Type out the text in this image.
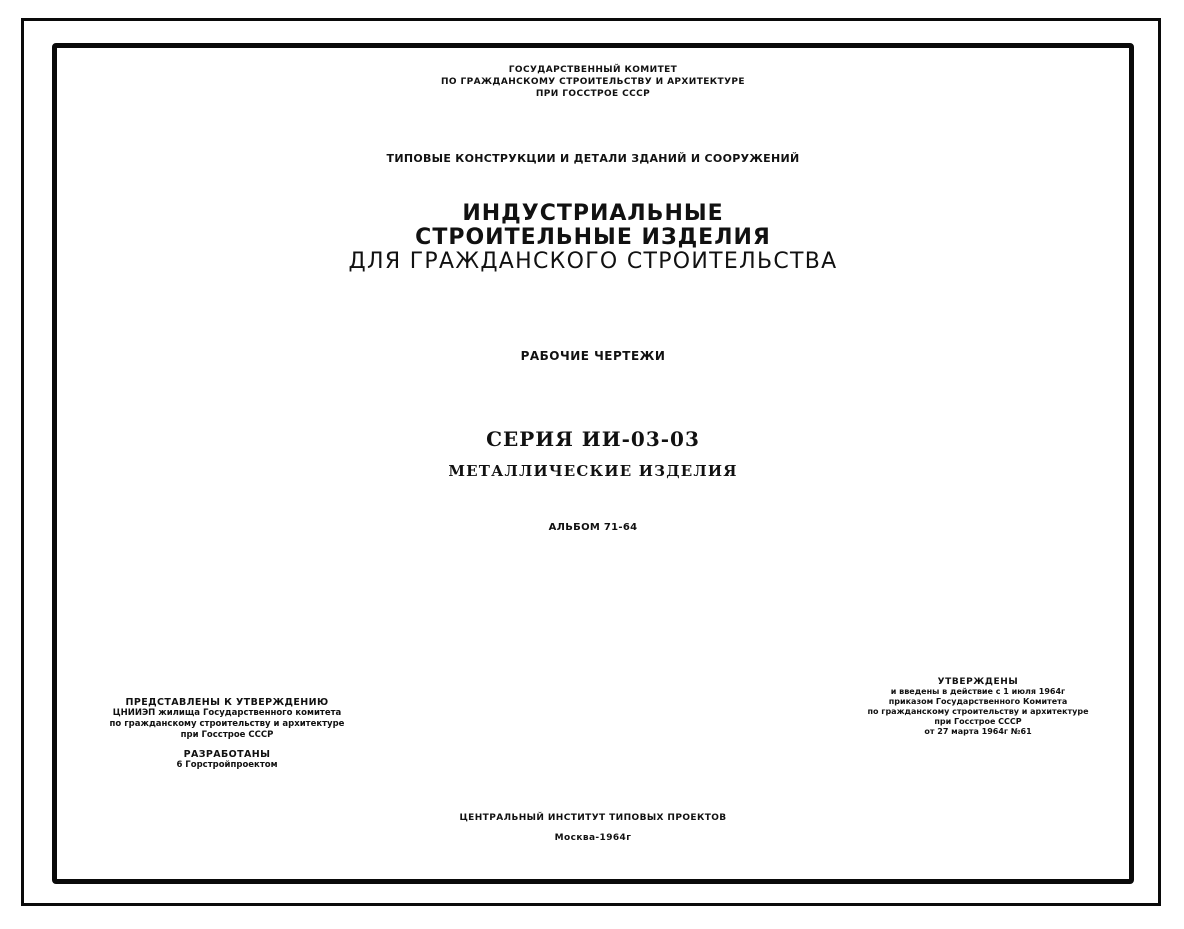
ГОСУДАРСТВЕННЫЙ КОМИТЕТ
ПО ГРАЖДАНСКОМУ СТРОИТЕЛЬСТВУ И АРХИТЕКТУРЕ
ПРИ ГОССТРОЕ СССР
ТИПОВЫЕ КОНСТРУКЦИИ И ДЕТАЛИ ЗДАНИЙ И СООРУЖЕНИЙ
ИНДУСТРИАЛЬНЫЕ
СТРОИТЕЛЬНЫЕ ИЗДЕЛИЯ
ДЛЯ ГРАЖДАНСКОГО СТРОИТЕЛЬСТВА
РАБОЧИЕ ЧЕРТЕЖИ
СЕРИЯ ИИ-03-03
МЕТАЛЛИЧЕСКИЕ ИЗДЕЛИЯ
АЛЬБОМ 71-64
ПРЕДСТАВЛЕНЫ К УТВЕРЖДЕНИЮ
ЦНИИЭП жилища Государственного комитета
по гражданскому строительству и архитектуре
при Госстрое СССР
РАЗРАБОТАНЫ
6 Горстройпроектом
УТВЕРЖДЕНЫ
и введены в действие с 1 июля 1964г
приказом Государственного Комитета
по гражданскому строительству и архитектуре
при Госстрое СССР
от 27 марта 1964г №61
ЦЕНТРАЛЬНЫЙ ИНСТИТУТ ТИПОВЫХ ПРОЕКТОВ
Москва-1964г
